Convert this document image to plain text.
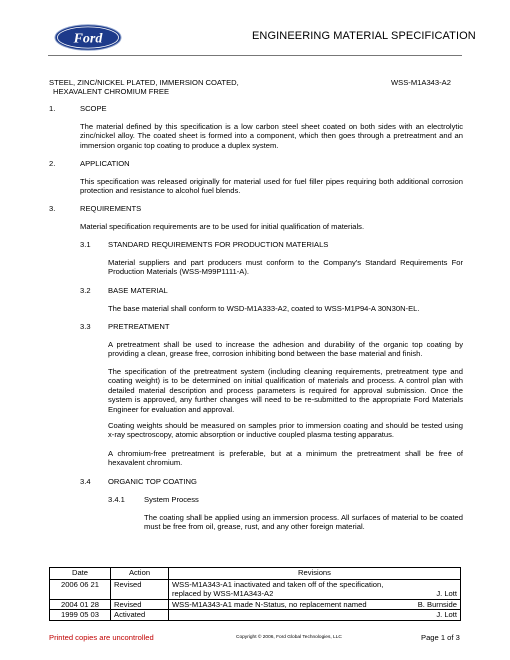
Ford	ENGINEERING MATERIAL SPECIFICATION
STEEL, ZINC/NICKEL PLATED, IMMERSION COATED,
HEXAVALENT CHROMIUM FREE
WSS-M1A343-A2
1.	SCOPE
The material defined by this specification is a low carbon steel sheet coated on both sides with an electrolytic zinc/nickel alloy. The coated sheet is formed into a component, which then goes through a pretreatment and an immersion organic top coating to produce a duplex system.
2.	APPLICATION
This specification was released originally for material used for fuel filler pipes requiring both additional corrosion protection and resistance to alcohol fuel blends.
3.	REQUIREMENTS
Material specification requirements are to be used for initial qualification of materials.
3.1 STANDARD REQUIREMENTS FOR PRODUCTION MATERIALS
Material suppliers and part producers must conform to the Company's Standard Requirements For Production Materials (WSS-M99P1111-A).
3.2 BASE MATERIAL
The base material shall conform to WSD-M1A333-A2, coated to WSS-M1P94-A 30N30N-EL.
3.3 PRETREATMENT
A pretreatment shall be used to increase the adhesion and durability of the organic top coating by providing a clean, grease free, corrosion inhibiting bond between the base material and finish.
The specification of the pretreatment system (including cleaning requirements, pretreatment type and coating weight) is to be determined on initial qualification of materials and process. A control plan with detailed material description and process parameters is required for approval submission. Once the system is approved, any further changes will need to be re-submitted to the appropriate Ford Materials Engineer for evaluation and approval.
Coating weights should be measured on samples prior to immersion coating and should be tested using x-ray spectroscopy, atomic absorption or inductive coupled plasma testing apparatus.
A chromium-free pretreatment is preferable, but at a minimum the pretreatment shall be free of hexavalent chromium.
3.4 ORGANIC TOP COATING
3.4.1	System Process
The coating shall be applied using an immersion process. All surfaces of material to be coated must be free from oil, grease, rust, and any other foreign material.
Date	Action	Revisions
2006 06 21	Revised	WSS-M1A343-A1 inactivated and taken off of the specification, replaced by WSS-M1A343-A2 J. Lott

2004 01 28	Revised	WSS-M1A343-A1 made N-Status, no replacement named B. Burnside

1999 05 03	Activated	J. Lott
Printed copies are uncontrolled	Copyright © 2006, Ford Global Technologies, LLC	Page 1 of 3
